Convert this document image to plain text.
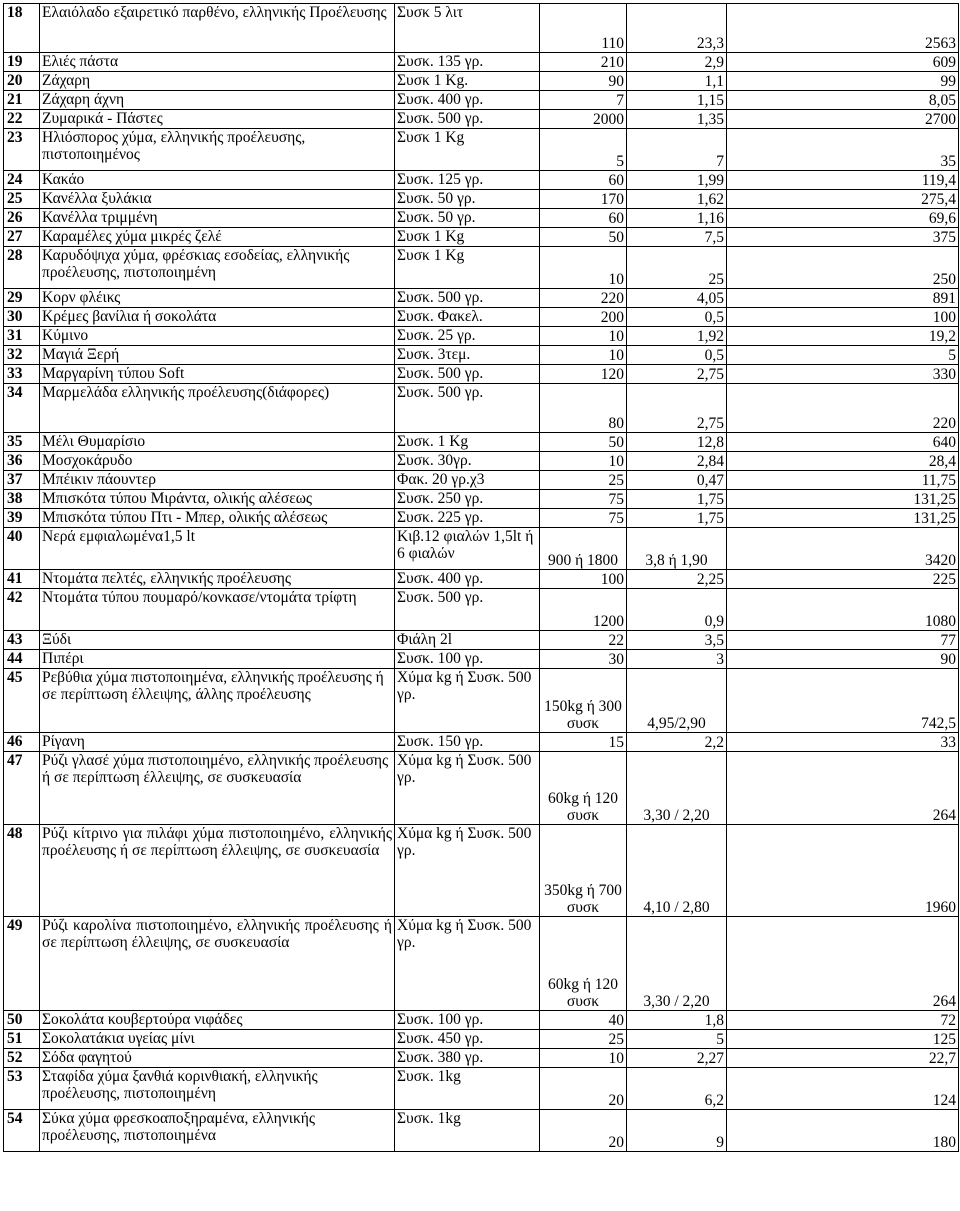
18	Ελαιόλαδο εξαιρετικό παρθένο, ελληνικής Προέλευσης	Συσκ 5 λιτ	110	23,3	2563
19	Ελιές πάστα	Συσκ. 135 γρ.	210	2,9	609
20	Ζάχαρη	Συσκ 1 Κg.	90	1,1	99
21	Ζάχαρη άχνη	Συσκ. 400 γρ.	7	1,15	8,05
22	Ζυμαρικά - Πάστες	Συσκ. 500 γρ.	2000	1,35	2700
23	Ηλιόσπορος χύμα, ελληνικής προέλευσης, πιστοποιημένος	Συσκ 1 Kg	5	7	35
24	Κακάο	Συσκ. 125 γρ.	60	1,99	119,4
25	Κανέλλα ξυλάκια	Συσκ. 50 γρ.	170	1,62	275,4
26	Κανέλλα τριμμένη	Συσκ. 50 γρ.	60	1,16	69,6
27	Καραμέλες χύμα μικρές ζελέ	Συσκ 1 Kg	50	7,5	375
28	Καρυδόψιχα χύμα, φρέσκιας εσοδείας, ελληνικής προέλευσης, πιστοποιημένη	Συσκ 1 Kg	10	25	250
29	Κορν φλέικς	Συσκ. 500 γρ.	220	4,05	891
30	Κρέμες βανίλια ή σοκολάτα	Συσκ. Φακελ.	200	0,5	100
31	Κύμινο	Συσκ. 25 γρ.	10	1,92	19,2
32	Μαγιά Ξερή	Συσκ. 3τεμ.	10	0,5	5
33	Μαργαρίνη τύπου Soft	Συσκ. 500 γρ.	120	2,75	330
34	Μαρμελάδα ελληνικής προέλευσης(διάφορες)	Συσκ. 500 γρ.	80	2,75	220
35	Μέλι Θυμαρίσιο	Συσκ. 1 Κg	50	12,8	640
36	Μοσχοκάρυδο	Συσκ. 30γρ.	10	2,84	28,4
37	Μπέικιν πάουντερ	Φακ. 20 γρ.χ3	25	0,47	11,75
38	Μπισκότα τύπου Μιράντα, ολικής αλέσεως	Συσκ. 250 γρ.	75	1,75	131,25
39	Μπισκότα τύπου Πτι - Μπερ, ολικής αλέσεως	Συσκ. 225 γρ.	75	1,75	131,25
40	Νερά εμφιαλωμένα1,5 lt	Κιβ.12 φιαλών 1,5lt ή 6 φιαλών	900 ή 1800	3,8 ή 1,90	3420
41	Ντομάτα πελτές, ελληνικής προέλευσης	Συσκ. 400 γρ.	100	2,25	225
42	Ντομάτα τύπου πουμαρό/κονκασε/ντομάτα τρίφτη	Συσκ. 500 γρ.	1200	0,9	1080
43	Ξύδι	Φιάλη 2l	22	3,5	77
44	Πιπέρι	Συσκ. 100 γρ.	30	3	90
45	Ρεβύθια χύμα πιστοποιημένα, ελληνικής προέλευσης ή σε περίπτωση έλλειψης, άλλης προέλευσης	Χύμα kg ή Συσκ. 500 γρ.	150kg ή 300 συσκ	4,95/2,90	742,5
46	Ρίγανη	Συσκ. 150 γρ.	15	2,2	33
47	Ρύζι γλασέ χύμα πιστοποιημένο, ελληνικής προέλευσης ή σε περίπτωση έλλειψης, σε συσκευασία	Χύμα kg ή Συσκ. 500 γρ.	60kg ή 120 συσκ	3,30 / 2,20	264
48	Ρύζι κίτρινο για πιλάφι χύμα πιστοποιημένο, ελληνικής προέλευσης ή σε περίπτωση έλλειψης, σε συσκευασία	Χύμα kg ή Συσκ. 500 γρ.	350kg ή 700 συσκ	4,10 / 2,80	1960
49	Ρύζι καρολίνα πιστοποιημένο, ελληνικής προέλευσης ή σε περίπτωση έλλειψης, σε συσκευασία	Χύμα kg ή Συσκ. 500 γρ.	60kg ή 120 συσκ	3,30 / 2,20	264
50	Σοκολάτα κουβερτούρα νιφάδες	Συσκ. 100 γρ.	40	1,8	72
51	Σοκολατάκια υγείας μίνι	Συσκ. 450 γρ.	25	5	125
52	Σόδα φαγητού	Συσκ. 380 γρ.	10	2,27	22,7
53	Σταφίδα χύμα ξανθιά κορινθιακή, ελληνικής προέλευσης, πιστοποιημένη	Συσκ. 1kg	20	6,2	124
54	Σύκα χύμα φρεσκοαποξηραμένα, ελληνικής προέλευσης, πιστοποιημένα	Συσκ. 1kg	20	9	180
